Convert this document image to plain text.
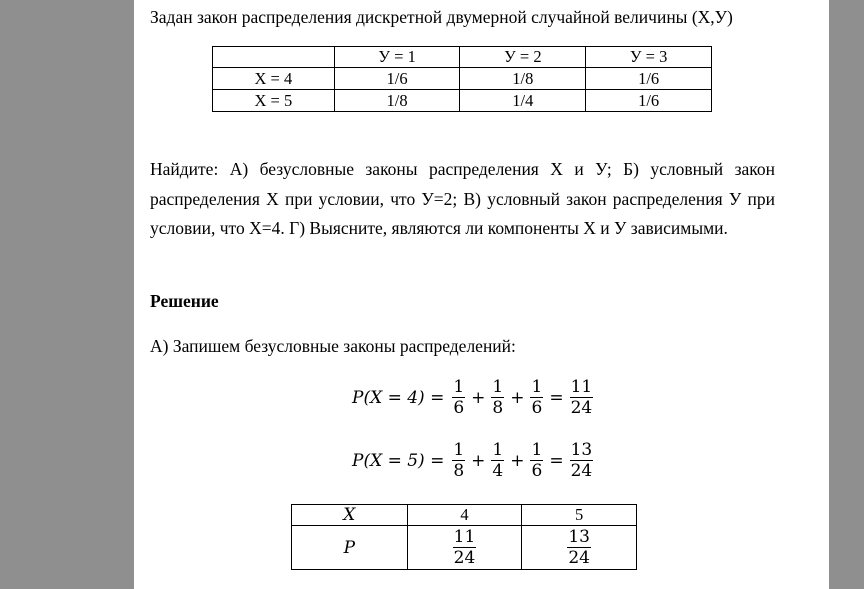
Задан закон распределения дискретной двумерной случайной величины (X,У)
	У = 1	У = 2	У = 3
X = 4	1/6	1/8	1/6
X = 5	1/8	1/4	1/6
Найдите: А) безусловные законы распределения X и У; Б) условный закон распределения X при условии, что У=2; В) условный закон распределения У при условии, что X=4. Г) Выясните, являются ли компоненты X и У зависимыми.
Решение
А) Запишем безусловные законы распределений:
$P(X = 4) = \frac{1}{6} + \frac{1}{8} + \frac{1}{6} = \frac{11}{24}$
$P(X = 5) = \frac{1}{8} + \frac{1}{4} + \frac{1}{6} = \frac{13}{24}$
X	4	5
P	$\frac{11}{24}$	$\frac{13}{24}$
